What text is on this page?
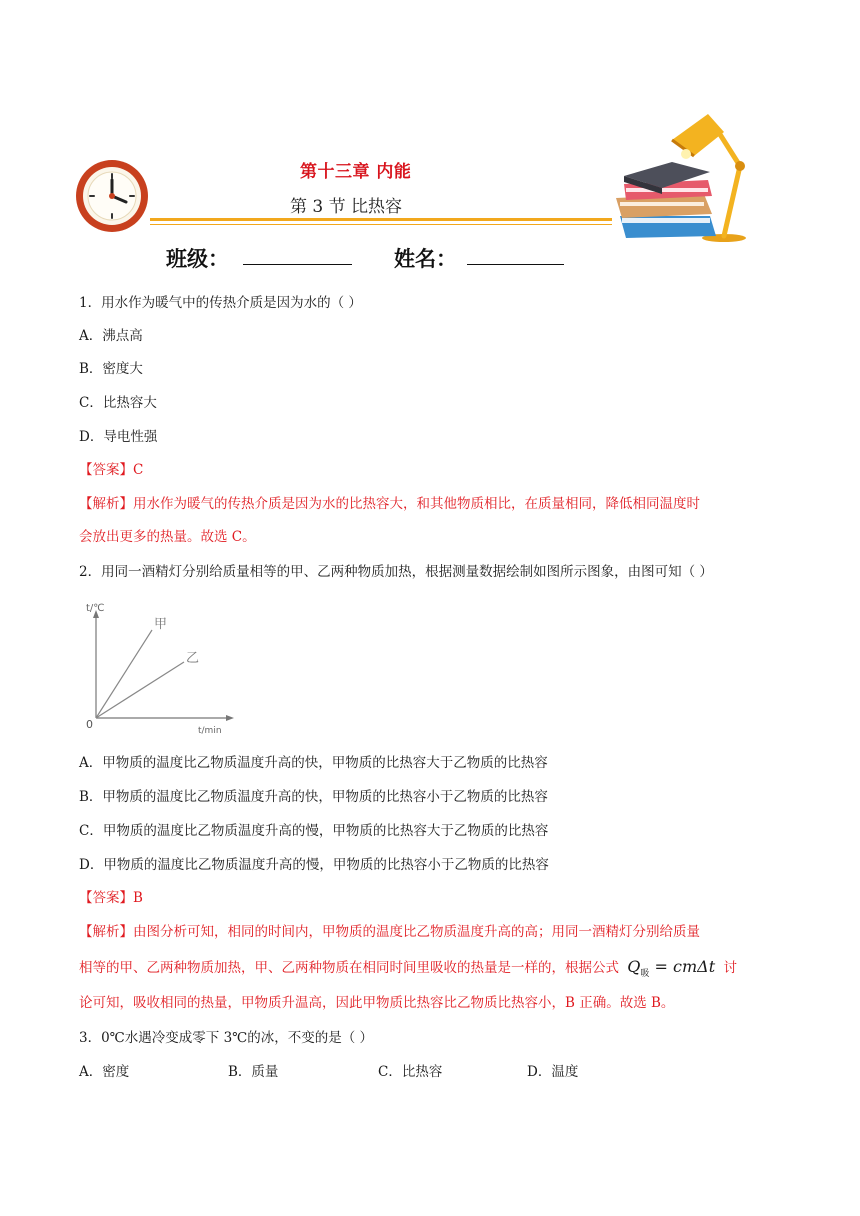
第十三章 内能
第 3 节 比热容
班级：	姓名：
1．用水作为暖气中的传热介质是因为水的（ ）
A．沸点高
B．密度大
C．比热容大
D．导电性强
【答案】C
【解析】用水作为暖气的传热介质是因为水的比热容大，和其他物质相比，在质量相同，降低相同温度时
会放出更多的热量。故选 C。
2．用同一酒精灯分别给质量相等的甲、乙两种物质加热，根据测量数据绘制如图所示图象，由图可知（ ）
t/℃
t/min
0
甲
乙
A．甲物质的温度比乙物质温度升高的快，甲物质的比热容大于乙物质的比热容
B．甲物质的温度比乙物质温度升高的快，甲物质的比热容小于乙物质的比热容
C．甲物质的温度比乙物质温度升高的慢，甲物质的比热容大于乙物质的比热容
D．甲物质的温度比乙物质温度升高的慢，甲物质的比热容小于乙物质的比热容
【答案】B
【解析】由图分析可知，相同的时间内，甲物质的温度比乙物质温度升高的高；用同一酒精灯分别给质量
相等的甲、乙两种物质加热，甲、乙两种物质在相同时间里吸收的热量是一样的，根据公式 $Q_吸 = cm\Delta t$ 讨
论可知，吸收相同的热量，甲物质升温高，因此甲物质比热容比乙物质比热容小，B 正确。故选 B。
3．0℃水遇冷变成零下 3℃的冰，不变的是（ ）
A．密度	B．质量	C．比热容	D．温度
